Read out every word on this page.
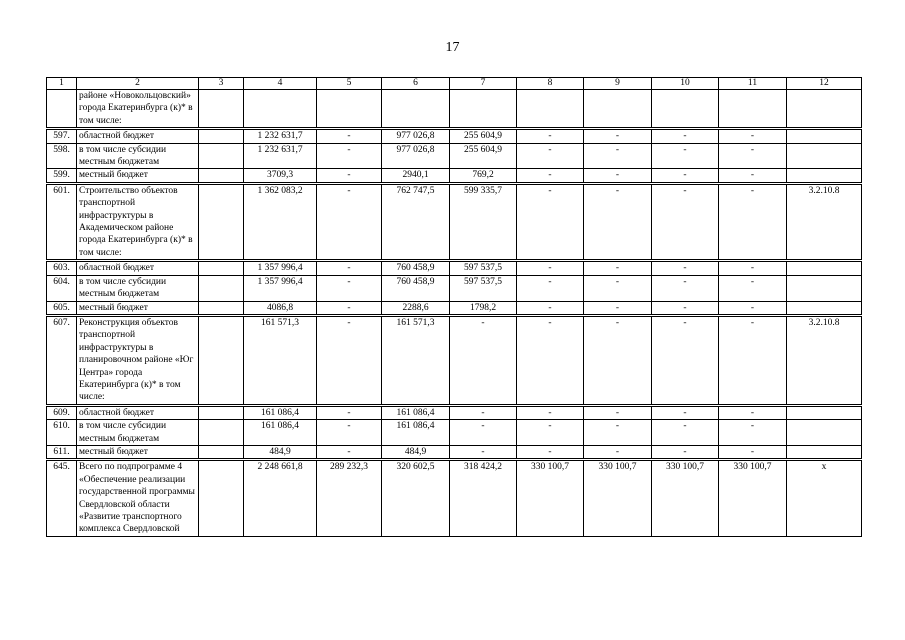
17
1	2	3	4	5	6	7	8	9	10	11	12
	районе «Новокольцовский» города Екатеринбурга (к)* в том числе:										
597.	областной бюджет		1 232 631,7	-	977 026,8	255 604,9	-	-	-	-	
598.	в том числе субсидии местным бюджетам		1 232 631,7	-	977 026,8	255 604,9	-	-	-	-	
599.	местный бюджет		3709,3	-	2940,1	769,2	-	-	-	-	
601.	Строительство объектов транспортной инфраструктуры в Академическом районе города Екатеринбурга (к)* в том числе:		1 362 083,2	-	762 747,5	599 335,7	-	-	-	-	3.2.10.8
603.	областной бюджет		1 357 996,4	-	760 458,9	597 537,5	-	-	-	-	
604.	в том числе субсидии местным бюджетам		1 357 996,4	-	760 458,9	597 537,5	-	-	-	-	
605.	местный бюджет		4086,8	-	2288,6	1798,2	-	-	-	-	
607.	Реконструкция объектов транспортной инфраструктуры в планировочном районе «Юг Центра» города Екатеринбурга (к)* в том числе:		161 571,3	-	161 571,3	-	-	-	-	-	3.2.10.8
609.	областной бюджет		161 086,4	-	161 086,4	-	-	-	-	-	
610.	в том числе субсидии местным бюджетам		161 086,4	-	161 086,4	-	-	-	-	-	
611.	местный бюджет		484,9	-	484,9	-	-	-	-	-	
645.	Всего по подпрограмме 4 «Обеспечение реализации государственной программы Свердловской области «Развитие транспортного комплекса Свердловской		2 248 661,8	289 232,3	320 602,5	318 424,2	330 100,7	330 100,7	330 100,7	330 100,7	х
